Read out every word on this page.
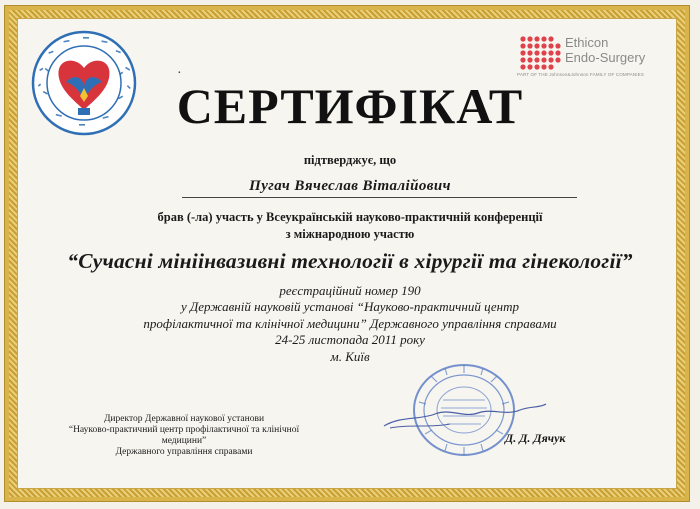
Ethicon
Endo-Surgery
PART OF THE Johnson&Johnson FAMILY OF COMPANIES
·
СЕРТИФІКАТ
підтверджує, що
Пугач Вячеслав Віталійович
брав (-ла) участь у Всеукраїнській науково-практичній конференції
з міжнародною участю
“Сучасні мініінвазивні технології в хірургії та гінекології”
реєстраційний номер 190
у Державній науковій установі “Науково-практичний центр
профілактичної та клінічної медицини” Державного управління справами
24-25 листопада 2011 року
м. Київ
Директор Державної наукової установи
“Науково-практичний центр профілактичної та клінічної медицини”
Державного управління справами
Д. Д. Дячук
